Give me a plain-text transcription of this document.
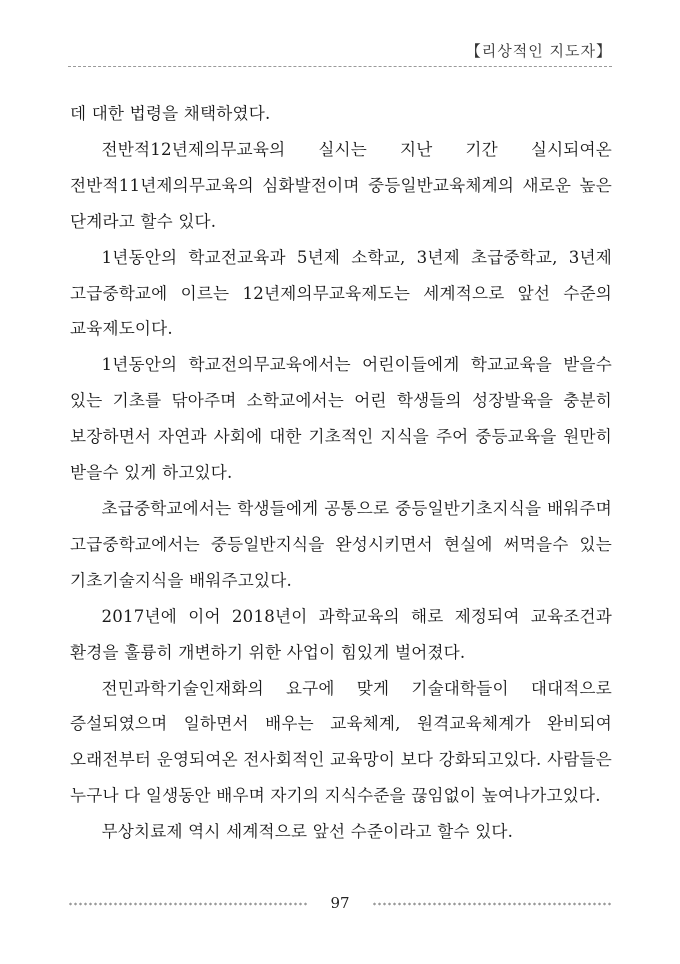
【리상적인 지도자】

데 대한 법령을 채택하였다.

전반적12년제의무교육의 실시는 지난 기간 실시되여온 전반적11년제의무교육의 심화발전이며 중등일반교육체계의 새로운 높은 단계라고 할수 있다.

1년동안의 학교전교육과 5년제 소학교, 3년제 초급중학교, 3년제 고급중학교에 이르는 12년제의무교육제도는 세계적으로 앞선 수준의 교육제도이다.

1년동안의 학교전의무교육에서는 어린이들에게 학교교육을 받을수 있는 기초를 닦아주며 소학교에서는 어린 학생들의 성장발육을 충분히 보장하면서 자연과 사회에 대한 기초적인 지식을 주어 중등교육을 원만히 받을수 있게 하고있다.

초급중학교에서는 학생들에게 공통으로 중등일반기초지식을 배워주며 고급중학교에서는 중등일반지식을 완성시키면서 현실에 써먹을수 있는 기초기술지식을 배워주고있다.

2017년에 이어 2018년이 과학교육의 해로 제정되여 교육조건과 환경을 훌륭히 개변하기 위한 사업이 힘있게 벌어졌다.

전민과학기술인재화의 요구에 맞게 기술대학들이 대대적으로 증설되였으며 일하면서 배우는 교육체계, 원격교육체계가 완비되여 오래전부터 운영되여온 전사회적인 교육망이 보다 강화되고있다. 사람들은 누구나 다 일생동안 배우며 자기의 지식수준을 끊임없이 높여나가고있다.

무상치료제 역시 세계적으로 앞선 수준이라고 할수 있다.

97
